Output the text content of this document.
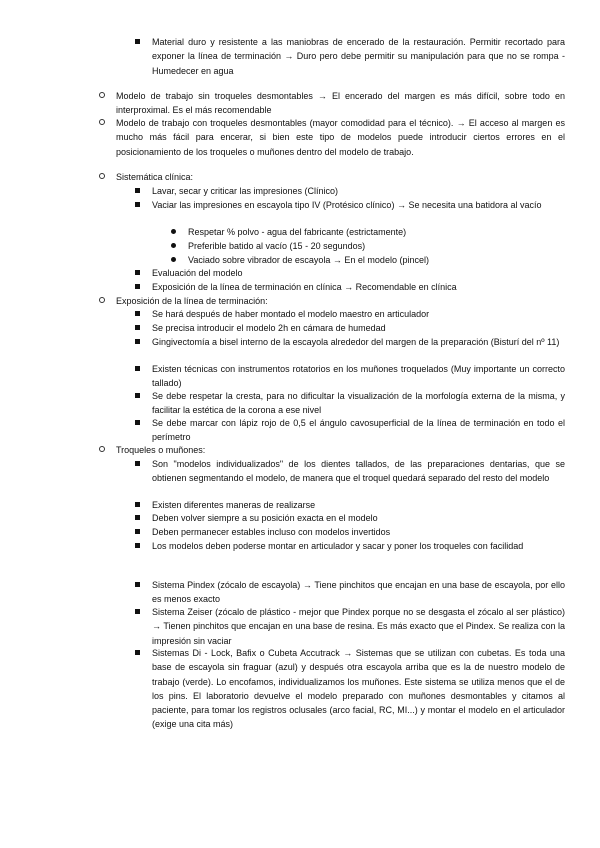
Material duro y resistente a las maniobras de encerado de la restauración. Permitir recortado para exponer la línea de terminación → Duro pero debe permitir su manipulación para que no se rompa - Humedecer en agua
Modelo de trabajo sin troqueles desmontables → El encerado del margen es más difícil, sobre todo en interproximal. Es el más recomendable
Modelo de trabajo con troqueles desmontables (mayor comodidad para el técnico). → El acceso al margen es mucho más fácil para encerar, si bien este tipo de modelos puede introducir ciertos errores en el posicionamiento de los troqueles o muñones dentro del modelo de trabajo.
Sistemática clínica:
Lavar, secar y criticar las impresiones (Clínico)
Vaciar las impresiones en escayola tipo IV (Protésico clínico) → Se necesita una batidora al vacío
Respetar % polvo - agua del fabricante (estrictamente)
Preferible batido al vacío (15 - 20 segundos)
Vaciado sobre vibrador de escayola → En el modelo (pincel)
Evaluación del modelo
Exposición de la línea de terminación en clínica → Recomendable en clínica
Exposición de la línea de terminación:
Se hará después de haber montado el modelo maestro en articulador
Se precisa introducir el modelo 2h en cámara de humedad
Gingivectomía a bisel interno de la escayola alrededor del margen de la preparación (Bisturí del nº 11)
Existen técnicas con instrumentos rotatorios en los muñones troquelados (Muy importante un correcto tallado)
Se debe respetar la cresta, para no dificultar la visualización de la morfología externa de la misma, y facilitar la estética de la corona a ese nivel
Se debe marcar con lápiz rojo de 0,5 el ángulo cavosuperficial de la línea de terminación en todo el perímetro
Troqueles o muñones:
Son "modelos individualizados" de los dientes tallados, de las preparaciones dentarias, que se obtienen segmentando el modelo, de manera que el troquel quedará separado del resto del modelo
Existen diferentes maneras de realizarse
Deben volver siempre a su posición exacta en el modelo
Deben permanecer estables incluso con modelos invertidos
Los modelos deben poderse montar en articulador y sacar y poner los troqueles con facilidad
Sistema Pindex (zócalo de escayola) → Tiene pinchitos que encajan en una base de escayola, por ello es menos exacto
Sistema Zeiser (zócalo de plástico - mejor que Pindex porque no se desgasta el zócalo al ser plástico) → Tienen pinchitos que encajan en una base de resina. Es más exacto que el Pindex. Se realiza con la impresión sin vaciar
Sistemas Di - Lock, Bafix o Cubeta Accutrack → Sistemas que se utilizan con cubetas. Es toda una base de escayola sin fraguar (azul) y después otra escayola arriba que es la de nuestro modelo de trabajo (verde). Lo encofamos, individualizamos los muñones. Este sistema se utiliza menos que el de los pins. El laboratorio devuelve el modelo preparado con muñones desmontables y citamos al paciente, para tomar los registros oclusales (arco facial, RC, MI...) y montar el modelo en el articulador (exige una cita más)
